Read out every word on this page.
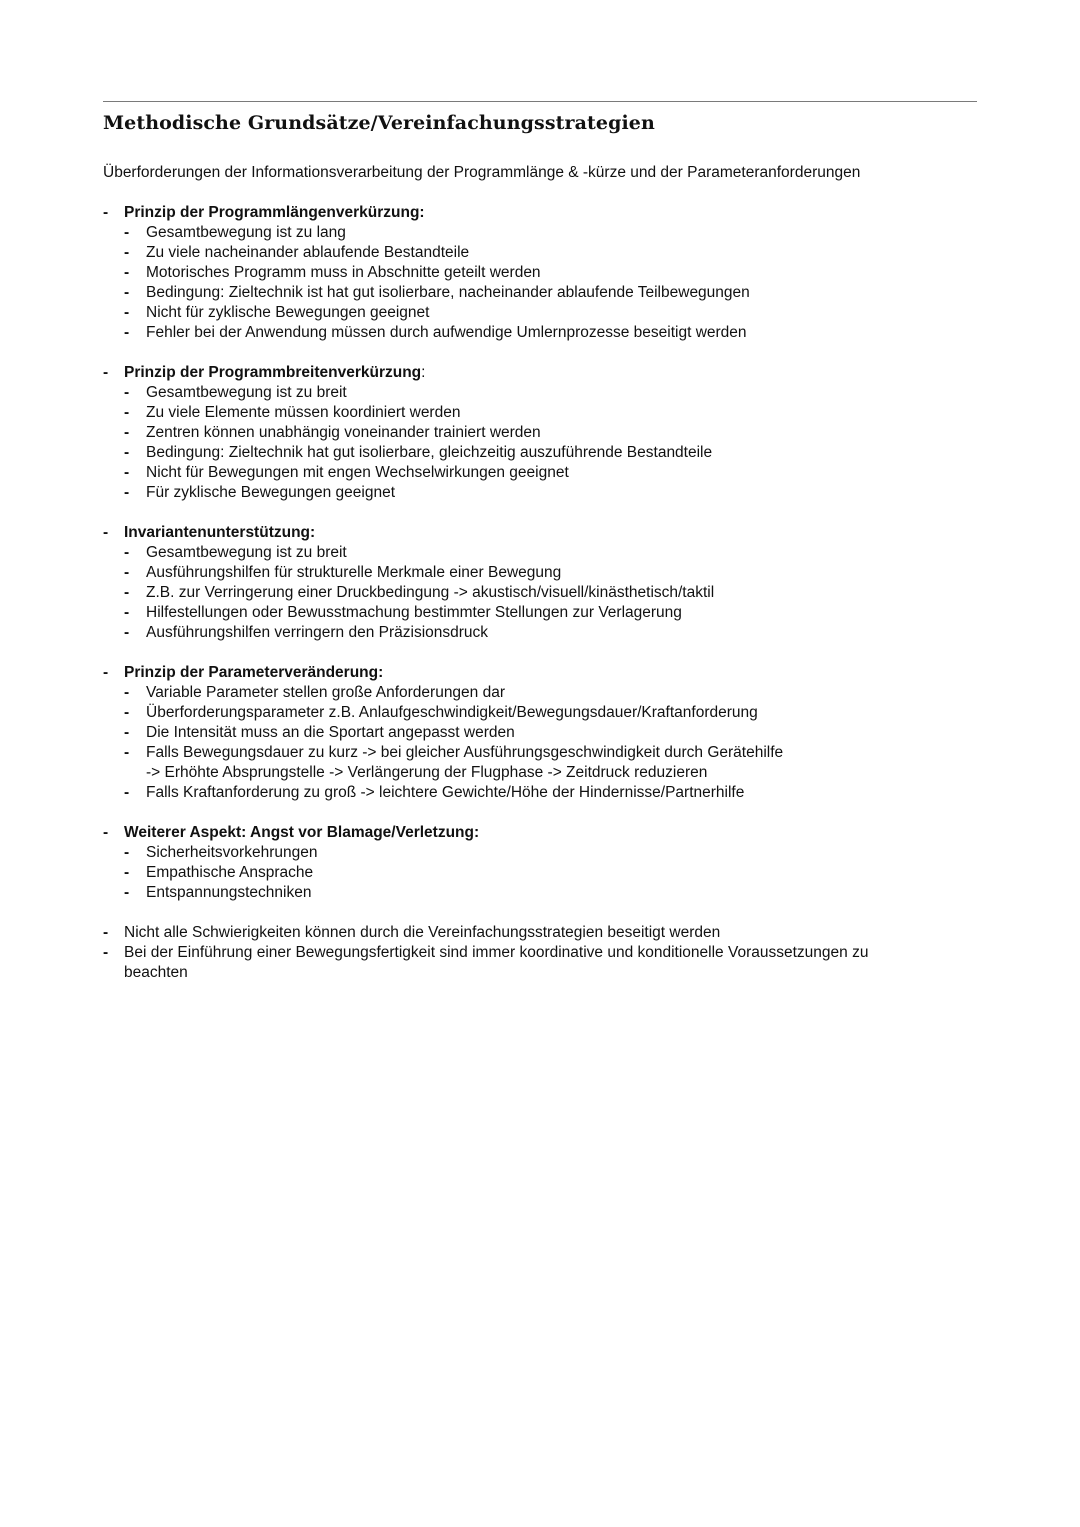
Methodische Grundsätze/Vereinfachungsstrategien

Überforderungen der Informationsverarbeitung der Programmlänge & -kürze und der Parameteranforderungen

- Prinzip der Programmlängenverkürzung:
- Gesamtbewegung ist zu lang
- Zu viele nacheinander ablaufende Bestandteile
- Motorisches Programm muss in Abschnitte geteilt werden
- Bedingung: Zieltechnik ist hat gut isolierbare, nacheinander ablaufende Teilbewegungen
- Nicht für zyklische Bewegungen geeignet
- Fehler bei der Anwendung müssen durch aufwendige Umlernprozesse beseitigt werden
- Prinzip der Programmbreitenverkürzung:
- Gesamtbewegung ist zu breit
- Zu viele Elemente müssen koordiniert werden
- Zentren können unabhängig voneinander trainiert werden
- Bedingung: Zieltechnik hat gut isolierbare, gleichzeitig auszuführende Bestandteile
- Nicht für Bewegungen mit engen Wechselwirkungen geeignet
- Für zyklische Bewegungen geeignet
- Invariantenunterstützung:
- Gesamtbewegung ist zu breit
- Ausführungshilfen für strukturelle Merkmale einer Bewegung
- Z.B. zur Verringerung einer Druckbedingung -> akustisch/visuell/kinästhetisch/taktil
- Hilfestellungen oder Bewusstmachung bestimmter Stellungen zur Verlagerung
- Ausführungshilfen verringern den Präzisionsdruck
- Prinzip der Parameterveränderung:
- Variable Parameter stellen große Anforderungen dar
- Überforderungsparameter z.B. Anlaufgeschwindigkeit/Bewegungsdauer/Kraftanforderung
- Die Intensität muss an die Sportart angepasst werden
- Falls Bewegungsdauer zu kurz -> bei gleicher Ausführungsgeschwindigkeit durch Gerätehilfe
-> Erhöhte Absprungstelle -> Verlängerung der Flugphase -> Zeitdruck reduzieren
- Falls Kraftanforderung zu groß -> leichtere Gewichte/Höhe der Hindernisse/Partnerhilfe
- Weiterer Aspekt: Angst vor Blamage/Verletzung:
- Sicherheitsvorkehrungen
- Empathische Ansprache
- Entspannungstechniken
- Nicht alle Schwierigkeiten können durch die Vereinfachungsstrategien beseitigt werden
- Bei der Einführung einer Bewegungsfertigkeit sind immer koordinative und konditionelle Voraussetzungen zu
beachten
